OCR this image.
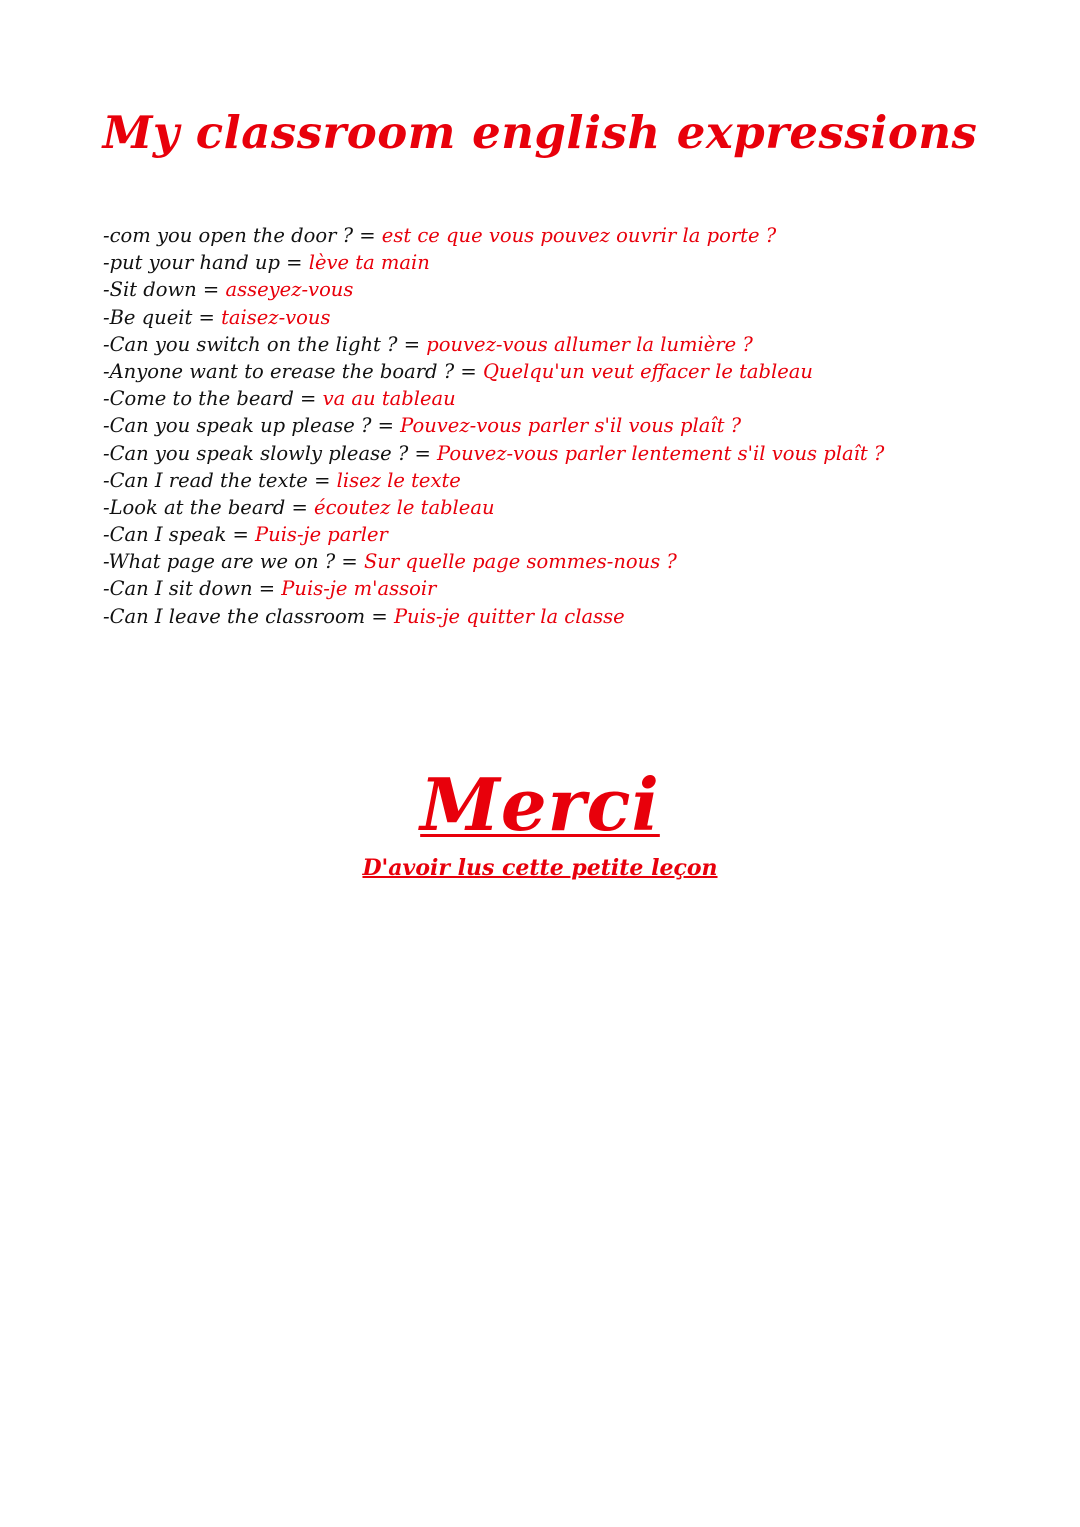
My classroom english expressions
-com you open the door ? = est ce que vous pouvez ouvrir la porte ?
-put your hand up = lève ta main
-Sit down = asseyez-vous
-Be queit = taisez-vous
-Can you switch on the light ? = pouvez-vous allumer la lumière ?
-Anyone want to erease the board ? = Quelqu'un veut effacer le tableau
-Come to the beard = va au tableau
-Can you speak up please ? = Pouvez-vous parler s'il vous plaît ?
-Can you speak slowly please ? = Pouvez-vous parler lentement s'il vous plaît ?
-Can I read the texte = lisez le texte
-Look at the beard = écoutez le tableau
-Can I speak = Puis-je parler
-What page are we on ? = Sur quelle page sommes-nous ?
-Can I sit down = Puis-je m'assoir
-Can I leave the classroom = Puis-je quitter la classe
Merci
D'avoir lus cette petite leçon
